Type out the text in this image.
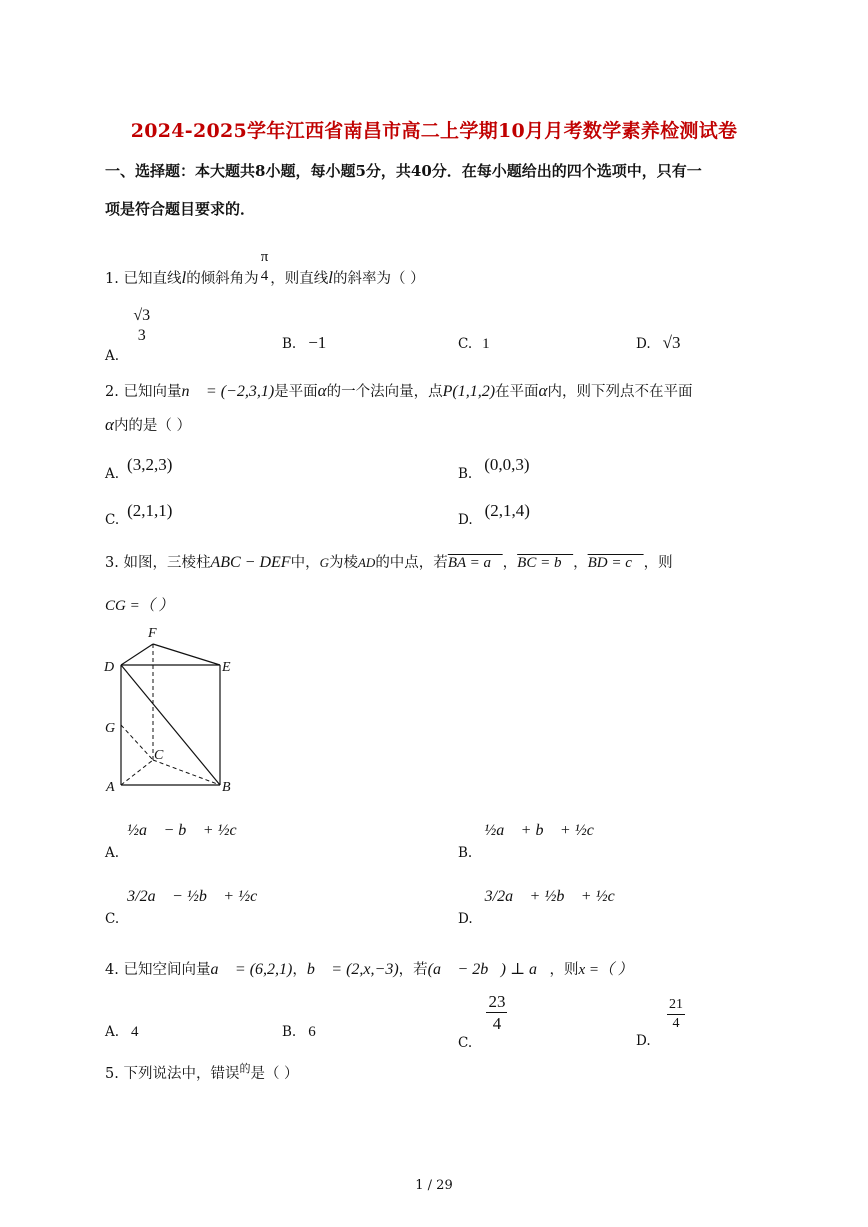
2024-2025学年江西省南昌市高二上学期10月月考数学素养检测试卷
一、选择题：本大题共8小题，每小题5分，共40分．在每小题给出的四个选项中，只有一
项是符合题目要求的．
1. 已知直线l的倾斜角为
π
4 ，则直线l的斜率为（ ）
A.
√3
3	B. −1	C. 1	D. √3
2. 已知向量n⃗ = (−2,3,1)是平面α的一个法向量，点P(1,1,2)在平面α内，则下列点不在平面
α内的是（ ）
A. (3,2,3)	B. (0,0,3)
C. (2,1,1)	D. (2,1,4)
3. 如图，三棱柱ABC − DEF中，G为棱AD的中点，若BA = a⃗，BC = b⃗，BD = c⃗，则
CG =（ ）
F
D	E
G
C
A	B
A.½a⃗ − b⃗ + ½c⃗
B.½a⃗ + b⃗ + ½c⃗
C.3/2a⃗ − ½b⃗ + ½c⃗
D.3/2a⃗ + ½b⃗ + ½c⃗
4. 已知空间向量a⃗ = (6,2,1)，b⃗ = (2,x,−3)，若(a⃗ − 2b⃗) ⊥ a⃗，则x =（ ）
A. 4	B. 6
C.
$\frac{23}{4}$
D.
$\frac{21}{4}$
5. 下列说法中，错误$^的$是（ ）
1 / 29
